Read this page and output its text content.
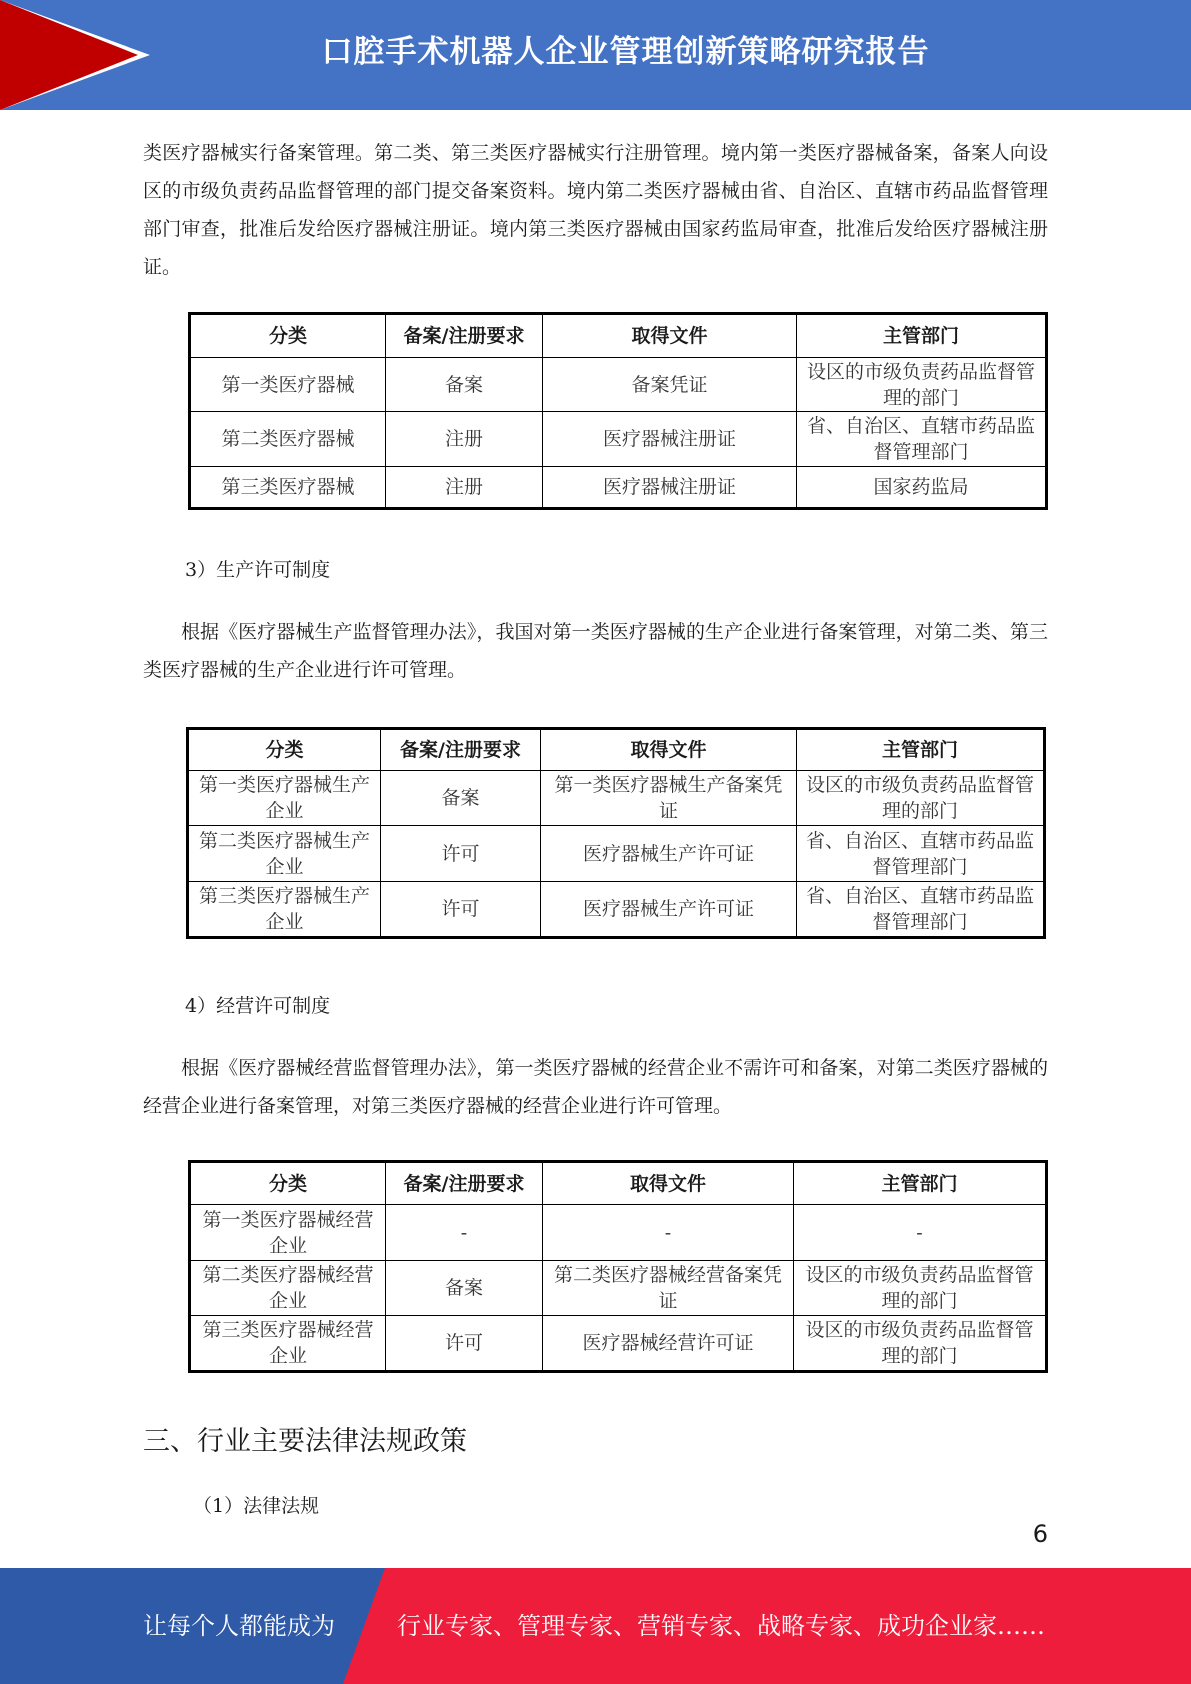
口腔手术机器人企业管理创新策略研究报告

类医疗器械实行备案管理。第二类、第三类医疗器械实行注册管理。境内第一类医疗器械备案，备案人向设区的市级负责药品监督管理的部门提交备案资料。境内第二类医疗器械由省、自治区、直辖市药品监督管理部门审查，批准后发给医疗器械注册证。境内第三类医疗器械由国家药监局审查，批准后发给医疗器械注册证。

分类	备案/注册要求	取得文件	主管部门
第一类医疗器械	备案	备案凭证	设区的市级负责药品监督管理的部门
第二类医疗器械	注册	医疗器械注册证	省、自治区、直辖市药品监督管理部门
第三类医疗器械	注册	医疗器械注册证	国家药监局

3）生产许可制度

根据《医疗器械生产监督管理办法》，我国对第一类医疗器械的生产企业进行备案管理，对第二类、第三类医疗器械的生产企业进行许可管理。

分类	备案/注册要求	取得文件	主管部门
第一类医疗器械生产企业	备案	第一类医疗器械生产备案凭证	设区的市级负责药品监督管理的部门
第二类医疗器械生产企业	许可	医疗器械生产许可证	省、自治区、直辖市药品监督管理部门
第三类医疗器械生产企业	许可	医疗器械生产许可证	省、自治区、直辖市药品监督管理部门

4）经营许可制度

根据《医疗器械经营监督管理办法》，第一类医疗器械的经营企业不需许可和备案，对第二类医疗器械的经营企业进行备案管理，对第三类医疗器械的经营企业进行许可管理。

分类	备案/注册要求	取得文件	主管部门
第一类医疗器械经营企业	-	-	-
第二类医疗器械经营企业	备案	第二类医疗器械经营备案凭证	设区的市级负责药品监督管理的部门
第三类医疗器械经营企业	许可	医疗器械经营许可证	设区的市级负责药品监督管理的部门
三、行业主要法律法规政策

（1）法律法规

6
让每个人都能成为	行业专家、管理专家、营销专家、战略专家、成功企业家……
